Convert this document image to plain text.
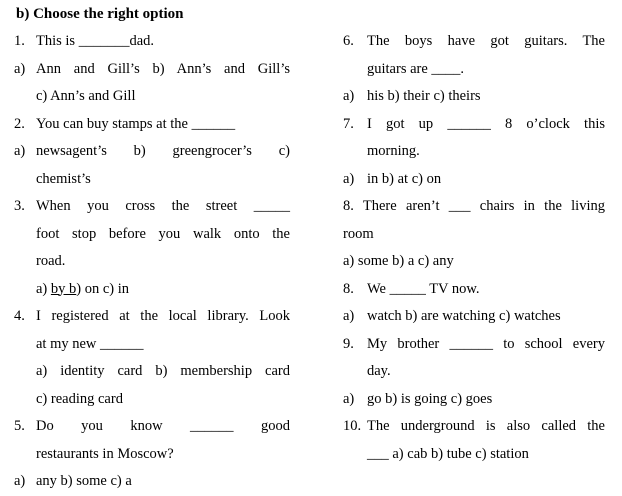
b) Choose the right option
1. This is _______dad.
a) Ann and Gill’s b) Ann’s and Gill’s
c) Ann’s and Gill
2. You can buy stamps at the ______
a) newsagent’s b) greengrocer’s c)
chemist’s
3. When you cross the street _____
foot stop before you walk onto the
road.
a) by b) on c) in
4. I registered at the local library. Look
at my new ______
a) identity card b) membership card
c) reading card
5. Do you know ______ good
restaurants in Moscow?
a) any b) some c) a
6. The boys have got guitars. The
guitars are ____.
a) his b) their c) theirs
7. I got up ______ 8 o’clock this
morning.
a) in b) at c) on
8. There aren’t ___ chairs in the living
room
a) some b) a c) any
8. We _____ TV now.
a) watch b) are watching c) watches
9. My brother ______ to school every
day.
a) go b) is going c) goes
10. The underground is also called the
___ a) cab b) tube c) station
